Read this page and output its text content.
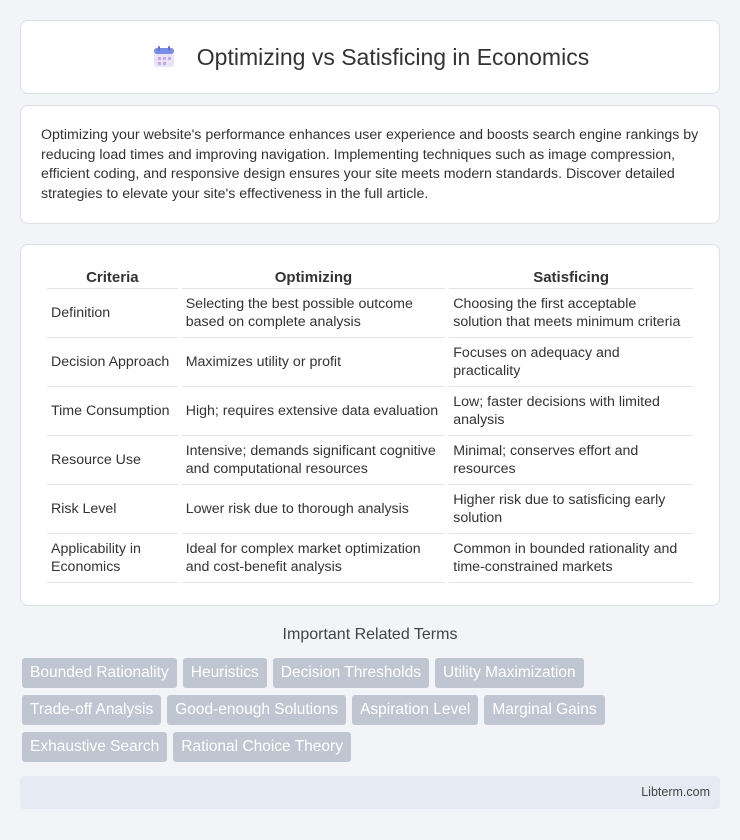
Optimizing vs Satisficing in Economics

Optimizing your website's performance enhances user experience and boosts search engine rankings by reducing load times and improving navigation. Implementing techniques such as image compression, efficient coding, and responsive design ensures your site meets modern standards. Discover detailed strategies to elevate your site's effectiveness in the full article.

Criteria	Optimizing	Satisficing
Definition	Selecting the best possible outcome based on complete analysis	Choosing the first acceptable solution that meets minimum criteria
Decision Approach	Maximizes utility or profit	Focuses on adequacy and practicality
Time Consumption	High; requires extensive data evaluation	Low; faster decisions with limited analysis
Resource Use	Intensive; demands significant cognitive and computational resources	Minimal; conserves effort and resources
Risk Level	Lower risk due to thorough analysis	Higher risk due to satisficing early solution
Applicability in Economics	Ideal for complex market optimization and cost-benefit analysis	Common in bounded rationality and time-constrained markets
Important Related Terms
Bounded Rationality	Heuristics	Decision Thresholds	Utility Maximization
Trade-off Analysis	Good-enough Solutions	Aspiration Level	Marginal Gains
Exhaustive Search	Rational Choice Theory
Libterm.com
